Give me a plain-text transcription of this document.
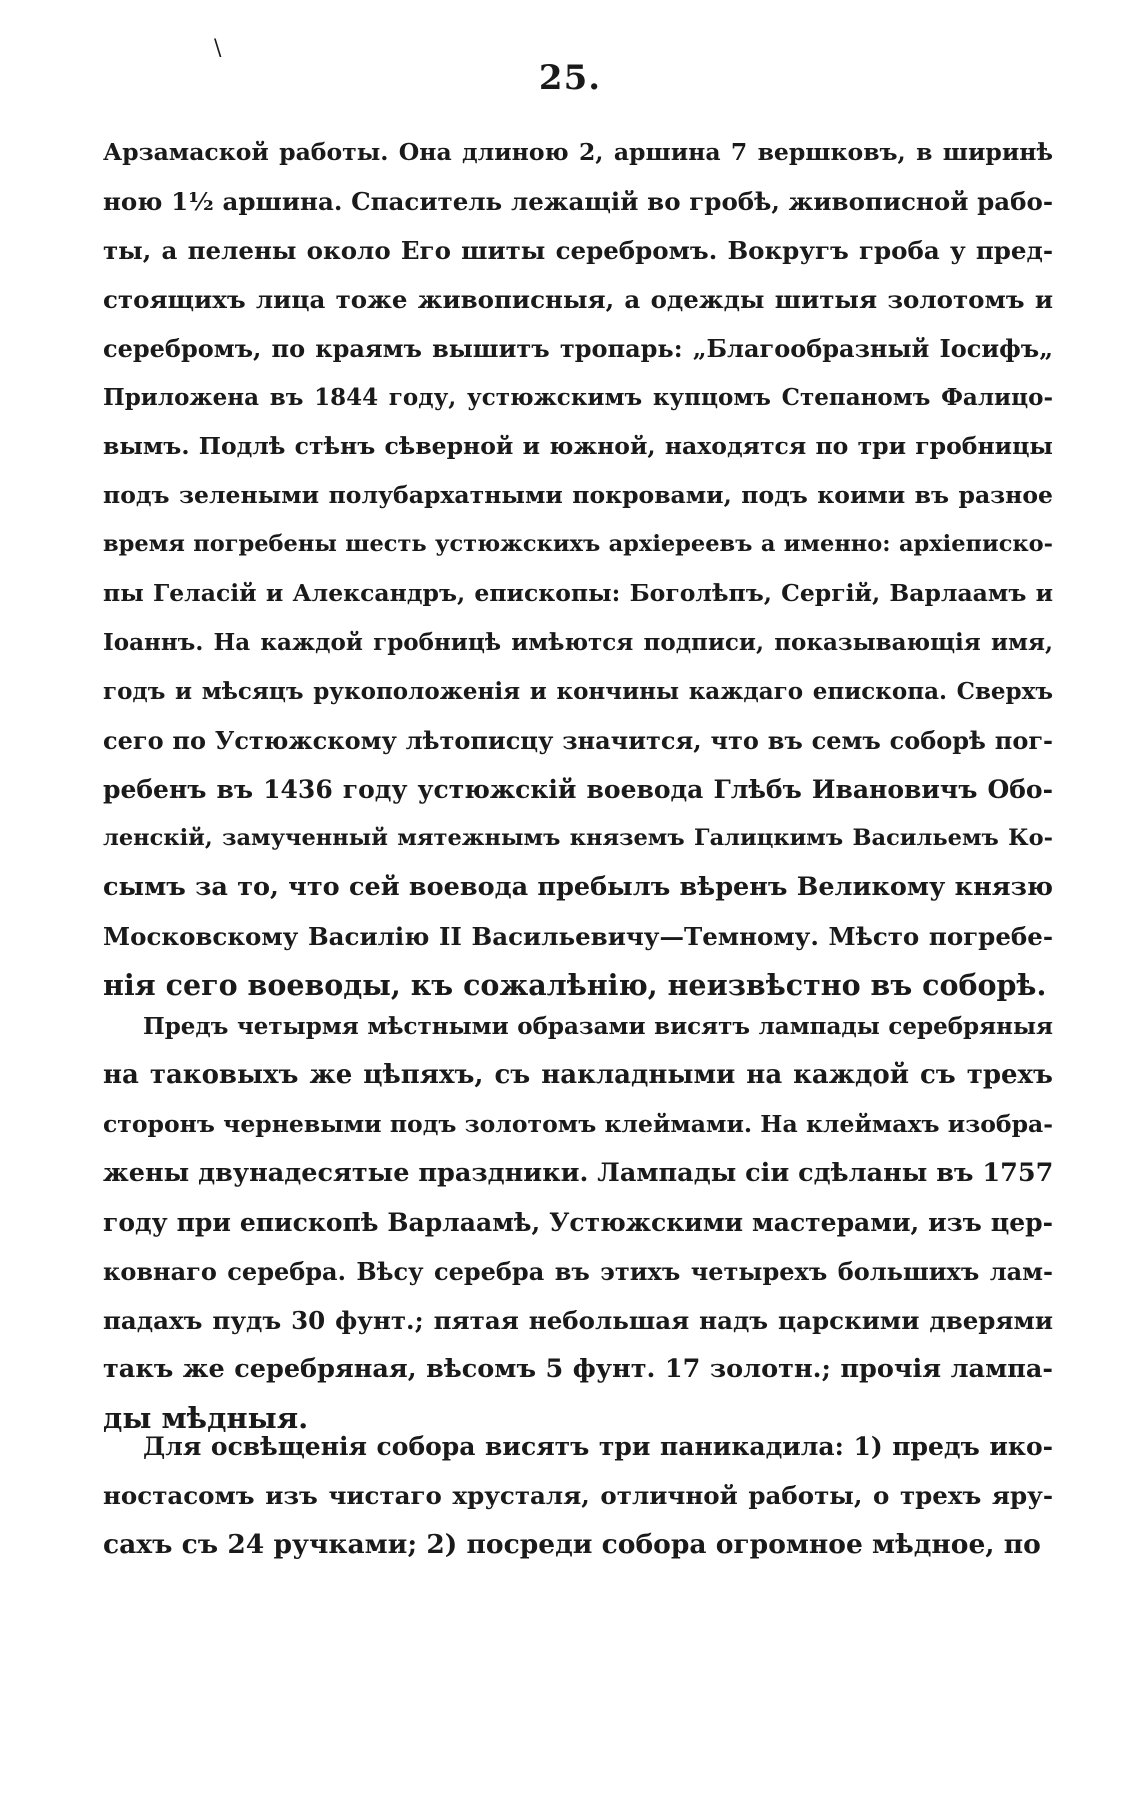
\
25.
Арзамаской работы. Она длиною 2, аршина 7 вершковъ, в ширинѣ
ною 1½ аршина. Спаситель лежащій во гробѣ, живописной рабо-
ты, а пелены около Его шиты серебромъ. Вокругъ гроба у пред-
стоящихъ лица тоже живописныя, а одежды шитыя золотомъ и
серебромъ, по краямъ вышитъ тропарь: „Благообразный Іосифъ„
Приложена въ 1844 году, устюжскимъ купцомъ Степаномъ Фалицо-
вымъ. Подлѣ стѣнъ сѣверной и южной, находятся по три гробницы
подъ зелеными полубархатными покровами, подъ коими въ разное
время погребены шесть устюжскихъ архіереевъ а именно: архіеписко-
пы Геласій и Александръ, епископы: Боголѣпъ, Сергій, Варлаамъ и
Іоаннъ. На каждой гробницѣ имѣются подписи, показывающія имя,
годъ и мѣсяцъ рукоположенія и кончины каждаго епископа. Сверхъ
сего по Устюжскому лѣтописцу значится, что въ семъ соборѣ пог-
ребенъ въ 1436 году устюжскій воевода Глѣбъ Ивановичъ Обо-
ленскій, замученный мятежнымъ княземъ Галицкимъ Васильемъ Ко-
сымъ за то, что сей воевода пребылъ вѣренъ Великому князю
Московскому Василію II Васильевичу—Темному. Мѣсто погребе-
нія сего воеводы, къ сожалѣнію, неизвѣстно въ соборѣ.
Предъ четырмя мѣстными образами висятъ лампады серебряныя
на таковыхъ же цѣпяхъ, съ накладными на каждой съ трехъ
сторонъ черневыми подъ золотомъ клеймами. На клеймахъ изобра-
жены двунадесятые праздники. Лампады сіи сдѣланы въ 1757
году при епископѣ Варлаамѣ, Устюжскими мастерами, изъ цер-
ковнаго серебра. Вѣсу серебра въ этихъ четырехъ большихъ лам-
падахъ пудъ 30 фунт.; пятая небольшая надъ царскими дверями
такъ же серебряная, вѣсомъ 5 фунт. 17 золотн.; прочія лампа-
ды мѣдныя.
Для освѣщенія собора висятъ три паникадила: 1) предъ ико-
ностасомъ изъ чистаго хрусталя, отличной работы, о трехъ яру-
сахъ съ 24 ручками; 2) посреди собора огромное мѣдное, по
